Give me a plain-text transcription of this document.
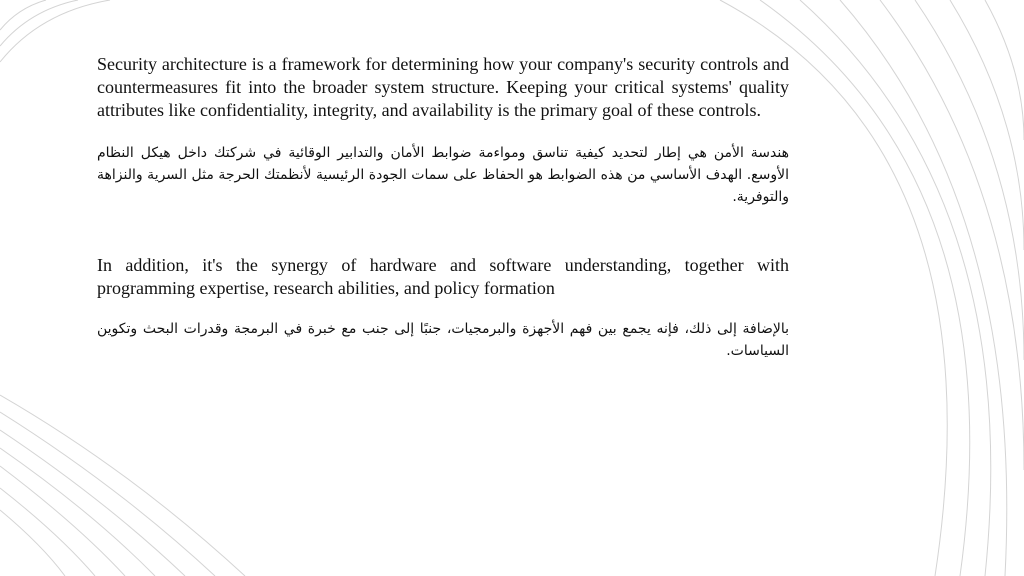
Security architecture is a framework for determining how your company's security controls and countermeasures fit into the broader system structure. Keeping your critical systems' quality attributes like confidentiality, integrity, and availability is the primary goal of these controls.

هندسة الأمن هي إطار لتحديد كيفية تناسق ومواءمة ضوابط الأمان والتدابير الوقائية في شركتك داخل هيكل النظام الأوسع. الهدف الأساسي من هذه الضوابط هو الحفاظ على سمات الجودة الرئيسية لأنظمتك الحرجة مثل السرية والنزاهة والتوفرية.

In addition, it's the synergy of hardware and software understanding, together with programming expertise, research abilities, and policy formation

بالإضافة إلى ذلك، فإنه يجمع بين فهم الأجهزة والبرمجيات، جنبًا إلى جنب مع خبرة في البرمجة وقدرات البحث وتكوين السياسات.
